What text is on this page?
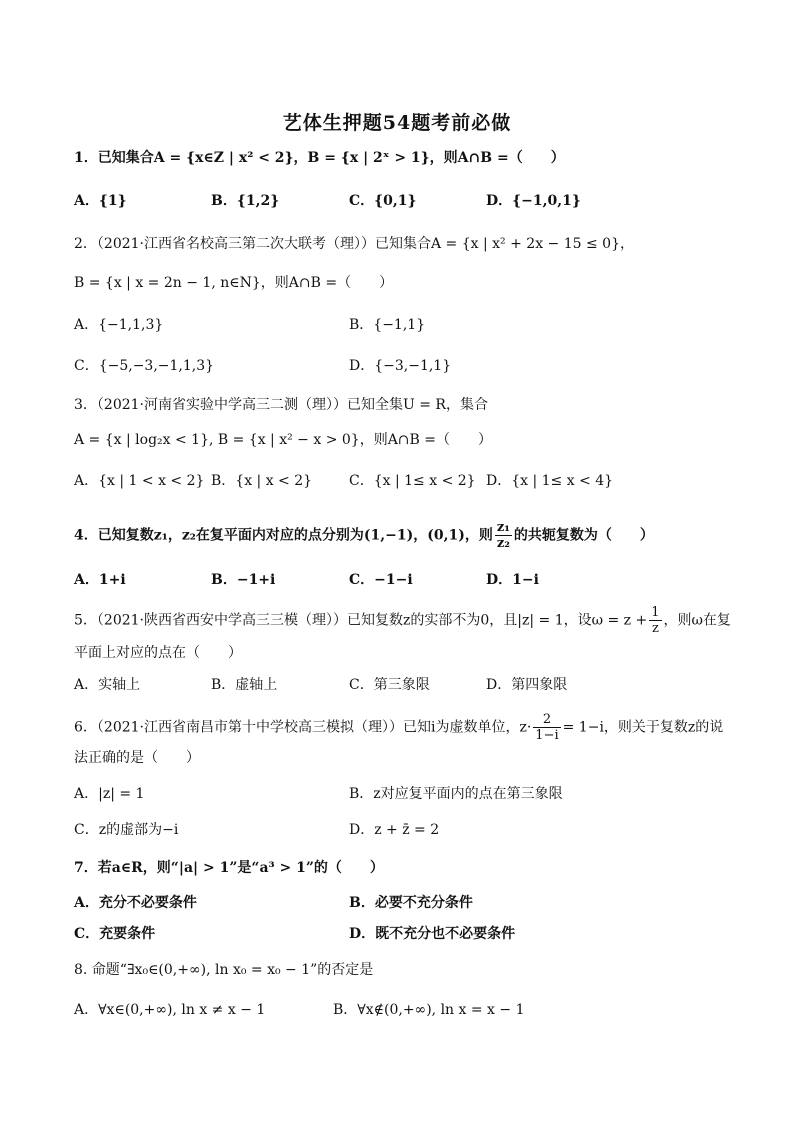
艺体生押题54题考前必做
1．已知集合A = {x∈Z | x² < 2}，B = {x | 2ˣ > 1}，则A∩B =（　　）
A．{1}	B．{1,2}	C．{0,1}	D．{−1,0,1}
2．（2021·江西省名校高三第二次大联考（理））已知集合A = {x | x² + 2x − 15 ≤ 0}，
B = {x | x = 2n − 1, n∈N}，则A∩B =（　　）
A．{−1,1,3}	B．{−1,1}
C．{−5,−3,−1,1,3}	D．{−3,−1,1}
3．（2021·河南省实验中学高三二测（理））已知全集U = R，集合
A = {x | log₂x < 1}, B = {x | x² − x > 0}，则A∩B =（　　）
A．{x | 1 < x < 2} B．{x | x < 2}	C．{x | 1≤ x < 2} D．{x | 1≤ x < 4}
4．已知复数z₁，z₂在复平面内对应的点分别为(1,−1)，(0,1)，则 $\frac{\text{z₁}}{\text{z₂}}$ 的共轭复数为（　　）
A．1+i	B．−1+i	C．−1−i	D．1−i
5．（2021·陕西省西安中学高三三模（理））已知复数z的实部不为0，且|z| = 1，设$\omega = z + \frac{1}{z}$ ，则ω在复
平面上对应的点在（　　）
A．实轴上	B．虚轴上	C．第三象限	D．第四象限
6．（2021·江西省南昌市第十中学校高三模拟（理））已知i为虚数单位，$z\cdot \frac{2}{1-i} = 1-i$，则关于复数z的说
法正确的是（　　）
A．|z| = 1	B．z对应复平面内的点在第三象限
C．z的虚部为−i	D．z + z̄ = 2
7．若a∈R，则“|a| > 1”是“a³ > 1”的（　　）
A．充分不必要条件	B．必要不充分条件
C．充要条件	D．既不充分也不必要条件
8. 命题“∃x₀∈(0,+∞), ln x₀ = x₀ − 1”的否定是
A．∀x∈(0,+∞), ln x ≠ x − 1	B．∀x∉(0,+∞), ln x = x − 1
